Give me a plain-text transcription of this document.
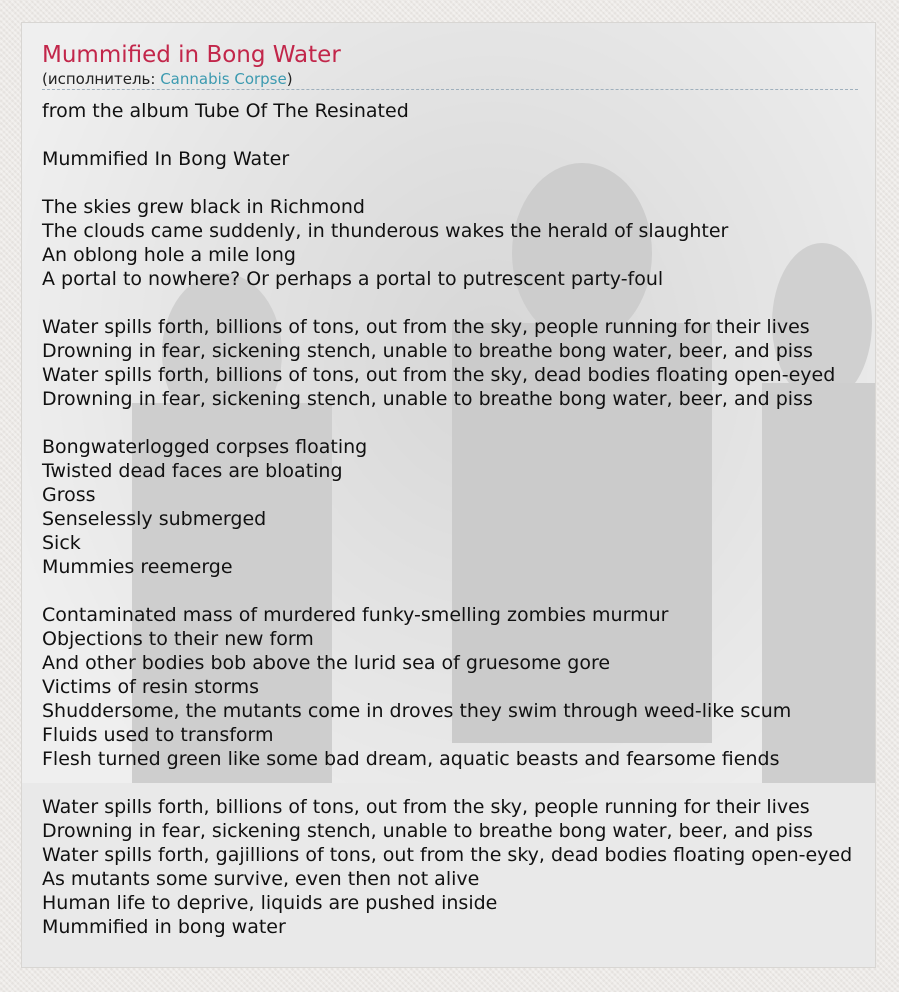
Mummified in Bong Water
(исполнитель: Cannabis Corpse)
from the album Tube Of The Resinated
Mummified In Bong Water
The skies grew black in Richmond
The clouds came suddenly, in thunderous wakes the herald of slaughter
An oblong hole a mile long
A portal to nowhere? Or perhaps a portal to putrescent party-foul
Water spills forth, billions of tons, out from the sky, people running for their lives
Drowning in fear, sickening stench, unable to breathe bong water, beer, and piss
Water spills forth, billions of tons, out from the sky, dead bodies floating open-eyed
Drowning in fear, sickening stench, unable to breathe bong water, beer, and piss
Bongwaterlogged corpses floating
Twisted dead faces are bloating
Gross
Senselessly submerged
Sick
Mummies reemerge
Contaminated mass of murdered funky-smelling zombies murmur
Objections to their new form
And other bodies bob above the lurid sea of gruesome gore
Victims of resin storms
Shuddersome, the mutants come in droves they swim through weed-like scum
Fluids used to transform
Flesh turned green like some bad dream, aquatic beasts and fearsome fiends
Water spills forth, billions of tons, out from the sky, people running for their lives
Drowning in fear, sickening stench, unable to breathe bong water, beer, and piss
Water spills forth, gajillions of tons, out from the sky, dead bodies floating open-eyed
As mutants some survive, even then not alive
Human life to deprive, liquids are pushed inside
Mummified in bong water
